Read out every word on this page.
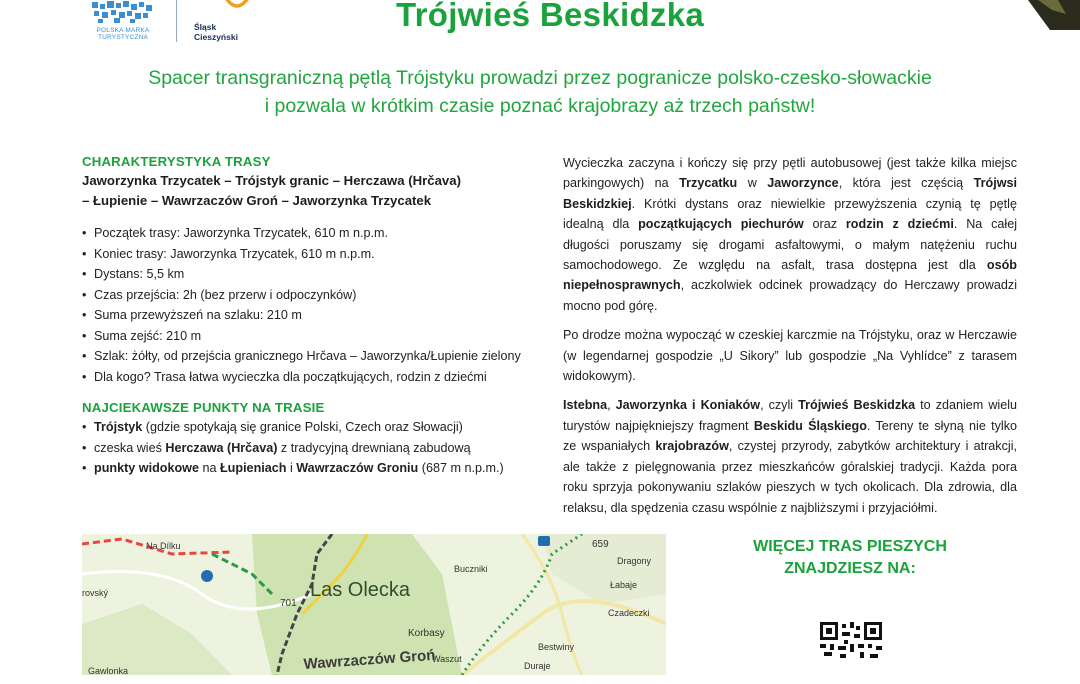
POLSKA MARKA TURYSTYCZNA
Śląsk
Cieszyński
Trójwieś Beskidzka
Spacer transgraniczną pętlą Trójstyku prowadzi przez pogranicze polsko-czesko-słowackie
i pozwala w krótkim czasie poznać krajobrazy aż trzech państw!

CHARAKTERYSTYKA TRASY

Jaworzynka Trzycatek – Trójstyk granic – Herczawa (Hrčava)

– Łupienie – Wawrzaczów Groń – Jaworzynka Trzycatek

• Początek trasy: Jaworzynka Trzycatek, 610 m n.p.m.
• Koniec trasy: Jaworzynka Trzycatek, 610 m n.p.m.
• Dystans: 5,5 km
• Czas przejścia: 2h (bez przerw i odpoczynków)
• Suma przewyższeń na szlaku: 210 m
• Suma zejść: 210 m
• Szlak: żółty, od przejścia granicznego Hrčava – Jaworzynka/Łupienie zielony
• Dla kogo? Trasa łatwa wycieczka dla początkujących, rodzin z dziećmi

NAJCIEKAWSZE PUNKTY NA TRASIE

• Trójstyk (gdzie spotykają się granice Polski, Czech oraz Słowacji)
• czeska wieś Herczawa (Hrčava) z tradycyjną drewnianą zabudową
• punkty widokowe na Łupieniach i Wawrzaczów Groniu (687 m n.p.m.)

Wycieczka zaczyna i kończy się przy pętli autobusowej (jest także kilka miejsc parkingowych) na Trzycatku w Jaworzynce, która jest częścią Trójwsi Beskidzkiej. Krótki dystans oraz niewielkie przewyższenia czynią tę pętlę idealną dla początkujących piechurów oraz rodzin z dziećmi. Na całej długości poruszamy się drogami asfaltowymi, o małym natężeniu ruchu samochodowego. Ze względu na asfalt, trasa dostępna jest dla osób niepełnosprawnych, aczkolwiek odcinek prowadzący do Herczawy prowadzi mocno pod górę.

Po drodze można wypocząć w czeskiej karczmie na Trójstyku, oraz w Herczawie (w legendarnej gospodzie „U Sikory” lub gospodzie „Na Vyhlídce” z tarasem widokowym).

Istebna, Jaworzynka i Koniaków, czyli Trójwieś Beskidzka to zdaniem wielu turystów najpiękniejszy fragment Beskidu Śląskiego. Tereny te słyną nie tylko ze wspaniałych krajobrazów, czystej przyrody, zabytków architektury i atrakcji, ale także z pielęgnowania przez mieszkańców góralskiej tradycji. Każda pora roku sprzyja pokonywaniu szlaków pieszych w tych okolicach. Dla zdrowia, dla relaksu, dla spędzenia czasu wspólnie z najbliższymi i przyjaciółmi.

Na Dílku
Las Olecka
Wawrzaczów Groń
Korbasy
Buczniki
Waszut
Bestwiny
Dragony
Łabaje
Czadeczki
Duraje
Gawlonka
rovský
701
659	WIĘCEJ TRAS PIESZYCH
ZNAJDZIESZ NA:
